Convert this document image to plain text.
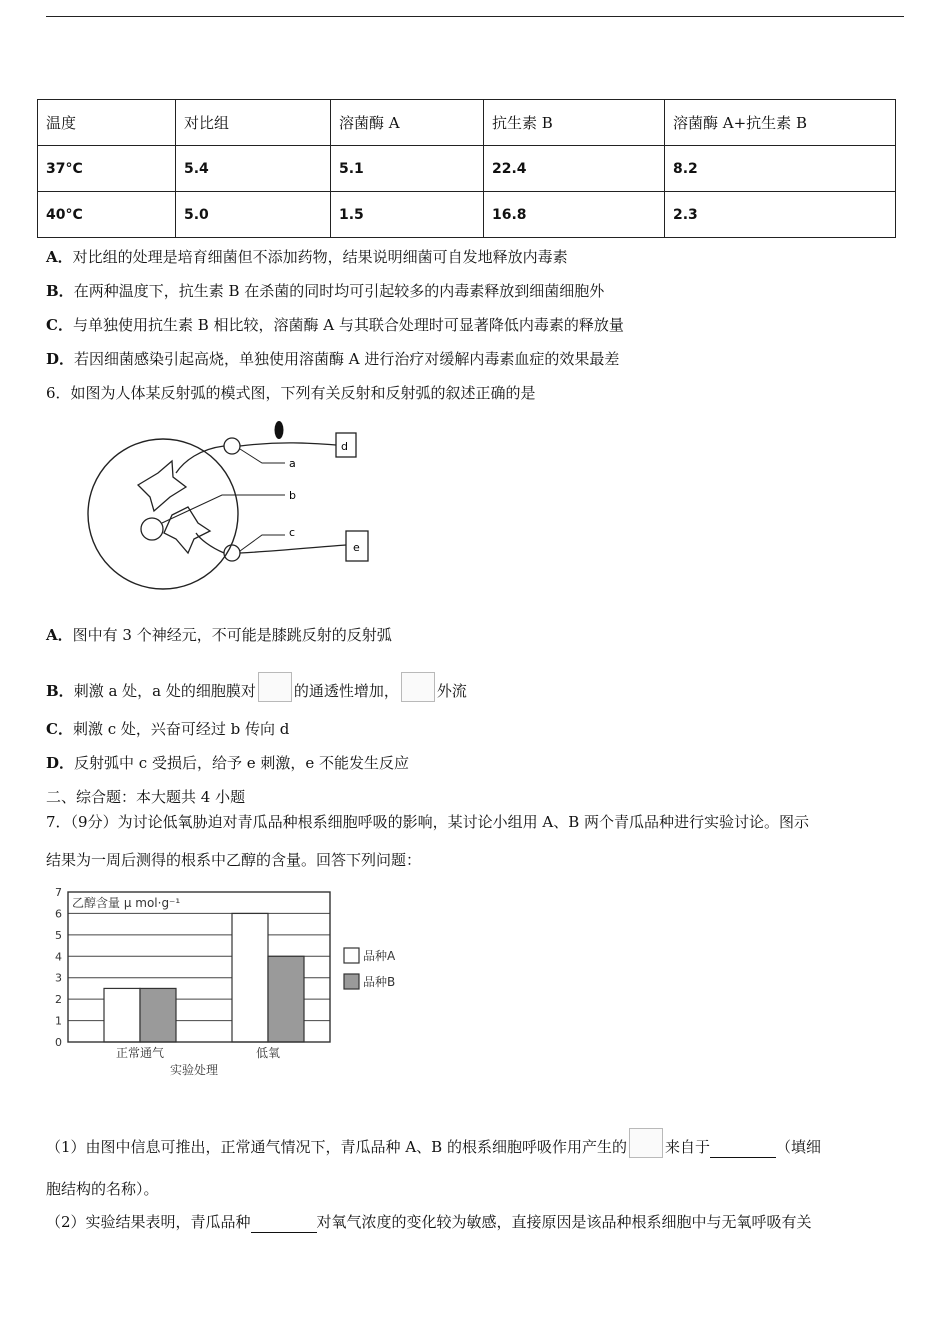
温度	对比组	溶菌酶 A	抗生素 B	溶菌酶 A+抗生素 B
37°C	5.4	5.1	22.4	8.2
40°C	5.0	1.5	16.8	2.3
A．对比组的处理是培育细菌但不添加药物，结果说明细菌可自发地释放内毒素
B．在两种温度下，抗生素 B 在杀菌的同时均可引起较多的内毒素释放到细菌细胞外
C．与单独使用抗生素 B 相比较，溶菌酶 A 与其联合处理时可显著降低内毒素的释放量
D．若因细菌感染引起高烧，单独使用溶菌酶 A 进行治疗对缓解内毒素血症的效果最差
6．如图为人体某反射弧的模式图，下列有关反射和反射弧的叙述正确的是
a
b
c
d
e
A．图中有 3 个神经元，不可能是膝跳反射的反射弧
B．刺激 a 处，a 处的细胞膜对	的通透性增加，	外流
C．刺激 c 处，兴奋可经过 b 传向 d
D．反射弧中 c 受损后，给予 e 刺激，e 不能发生反应
二、综合题：本大题共 4 小题
7．（9分）为讨论低氧胁迫对青瓜品种根系细胞呼吸的影响，某讨论小组用 A、B 两个青瓜品种进行实验讨论。图示
结果为一周后测得的根系中乙醇的含量。回答下列问题：
0
1
2
3
4
5
6
7
乙醇含量 μ mol·g⁻¹
实验处理
正常通气	低氧
品种A
品种B
（1）由图中信息可推出，正常通气情况下，青瓜品种 A、B 的根系细胞呼吸作用产生的	来自于	（填细
胞结构的名称）。
（2）实验结果表明，青瓜品种	对氧气浓度的变化较为敏感，直接原因是该品种根系细胞中与无氧呼吸有关
